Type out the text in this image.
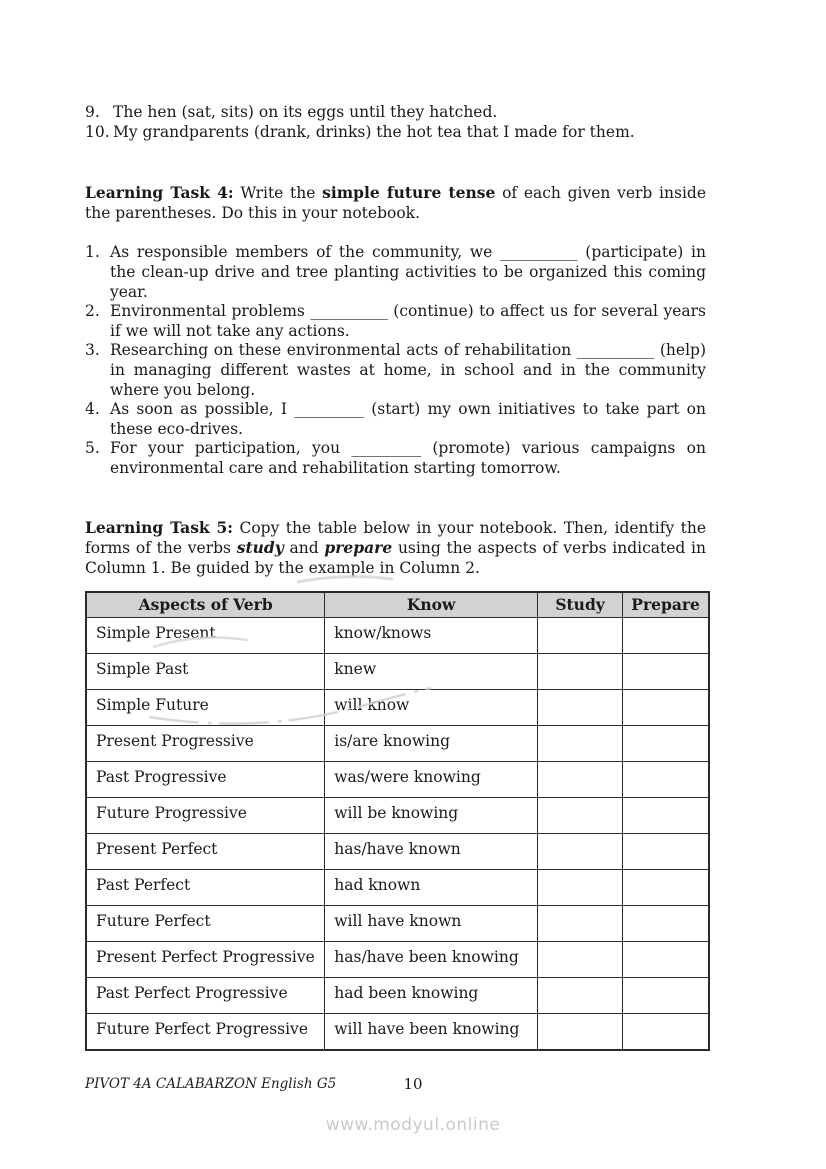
9. The hen (sat, sits) on its eggs until they hatched.
10. My grandparents (drank, drinks) the hot tea that I made for them.

Learning Task 4: Write the simple future tense of each given verb inside the parentheses. Do this in your notebook.

1. As responsible members of the community, we __________ (participate) in the clean-up drive and tree planting activities to be organized this coming year.
2. Environmental problems __________ (continue) to affect us for several years if we will not take any actions.
3. Researching on these environmental acts of rehabilitation __________ (help) in managing different wastes at home, in school and in the community where you belong.
4. As soon as possible, I _________ (start) my own initiatives to take part on these eco-drives.
5. For your participation, you _________ (promote) various campaigns on environmental care and rehabilitation starting tomorrow.

Learning Task 5: Copy the table below in your notebook. Then, identify the forms of the verbs study and prepare using the aspects of verbs indicated in Column 1. Be guided by the example in Column 2.

Aspects of Verb	Know	Study	Prepare
Simple Present	know/knows		
Simple Past	knew		
Simple Future	will know		
Present Progressive	is/are knowing		
Past Progressive	was/were knowing		
Future Progressive	will be knowing		
Present Perfect	has/have known		
Past Perfect	had known		
Future Perfect	will have known		
Present Perfect Progressive	has/have been knowing		
Past Perfect Progressive	had been knowing		
Future Perfect Progressive	will have been knowing		
PIVOT 4A CALABARZON English G5	10
www.modyul.online
